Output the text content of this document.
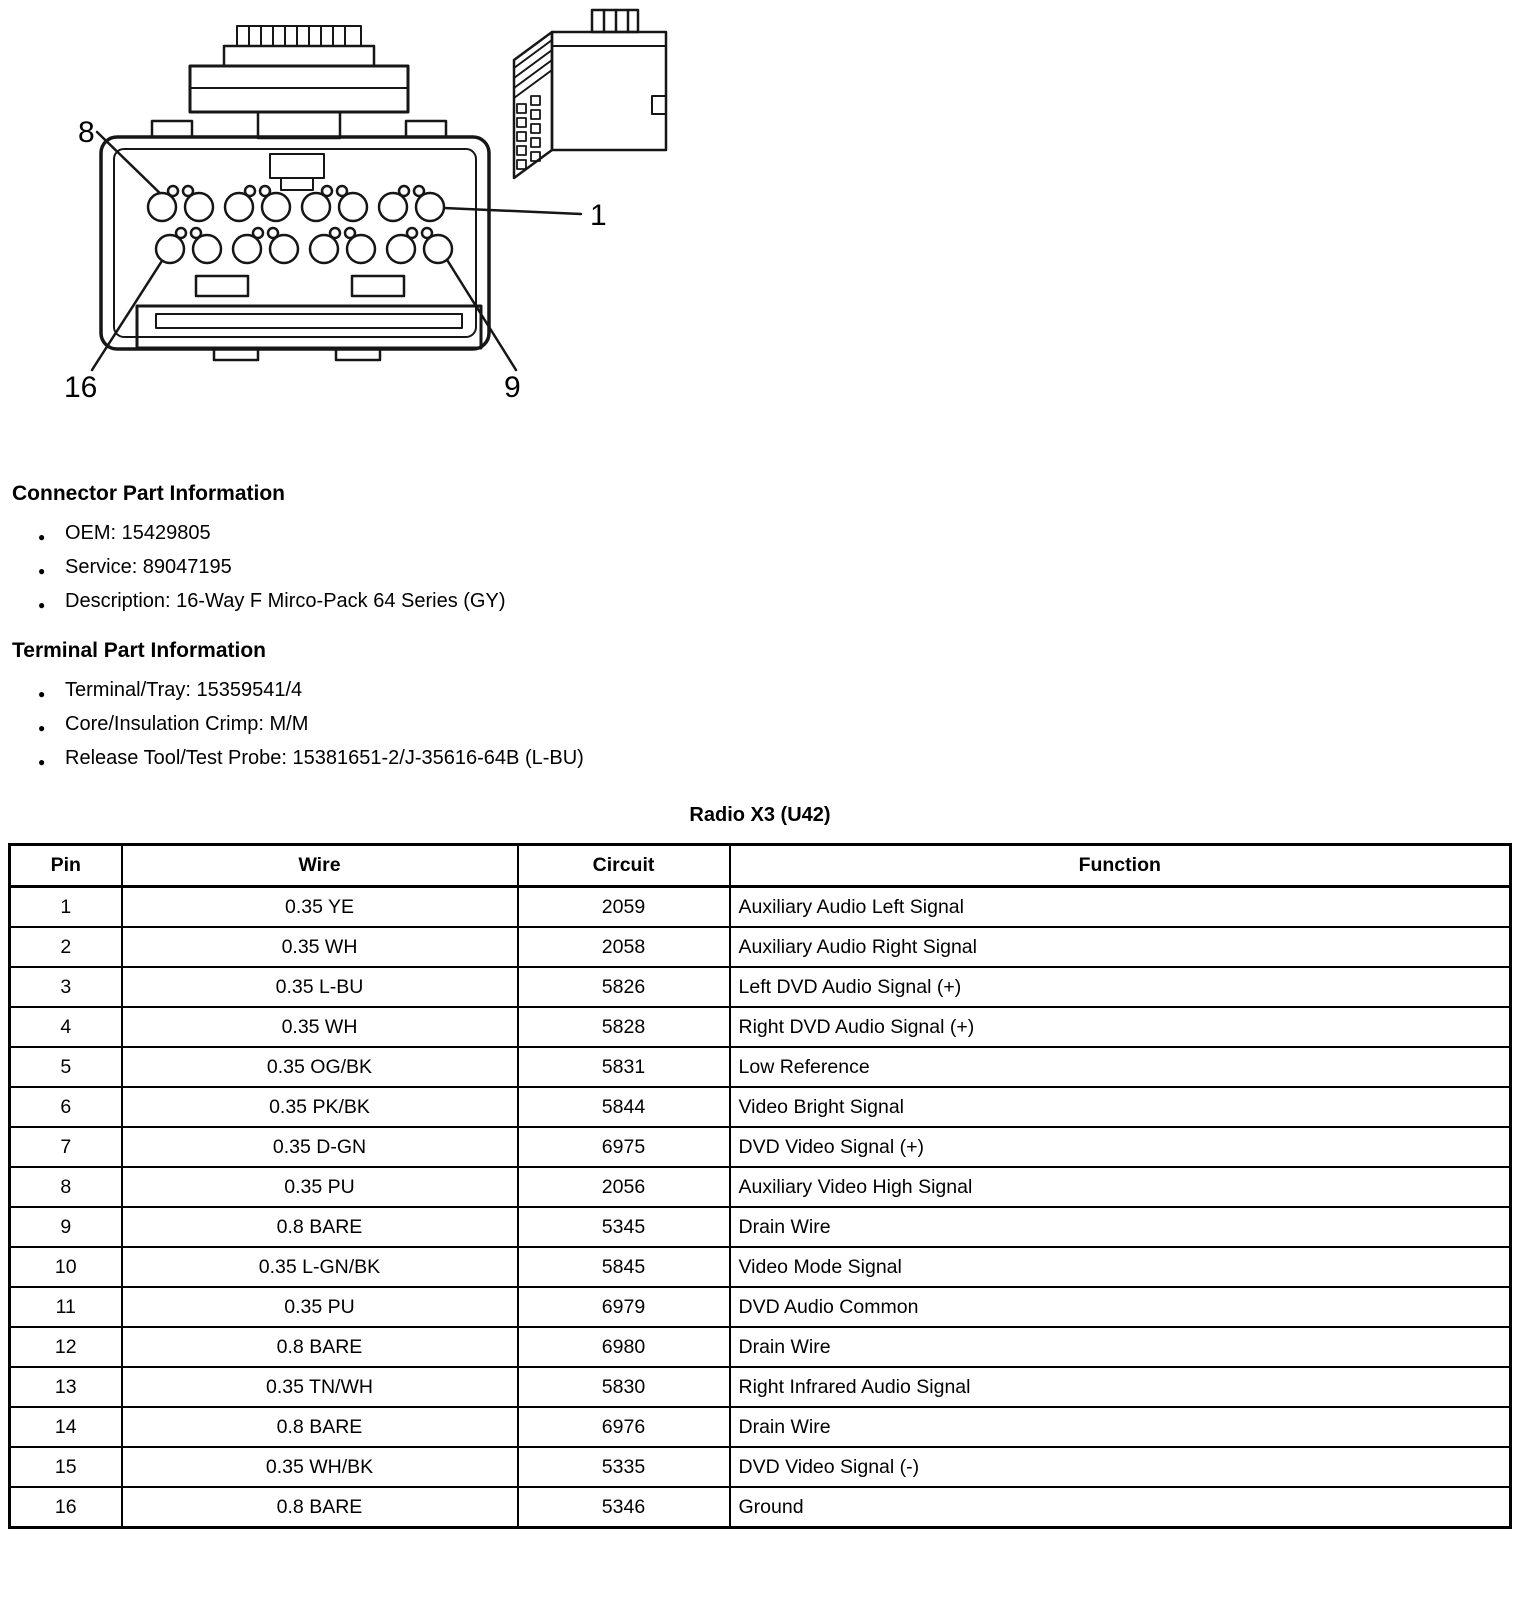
8
1
16	9
Connector Part Information
● OEM: 15429805
● Service: 89047195
● Description: 16-Way F Mirco-Pack 64 Series (GY)
Terminal Part Information
● Terminal/Tray: 15359541/4
● Core/Insulation Crimp: M/M
● Release Tool/Test Probe: 15381651-2/J-35616-64B (L-BU)
Radio X3 (U42)
Pin	Wire	Circuit	Function
1	0.35 YE	2059	Auxiliary Audio Left Signal
2	0.35 WH	2058	Auxiliary Audio Right Signal
3	0.35 L-BU	5826	Left DVD Audio Signal (+)
4	0.35 WH	5828	Right DVD Audio Signal (+)
5	0.35 OG/BK	5831	Low Reference
6	0.35 PK/BK	5844	Video Bright Signal
7	0.35 D-GN	6975	DVD Video Signal (+)
8	0.35 PU	2056	Auxiliary Video High Signal
9	0.8 BARE	5345	Drain Wire
10	0.35 L-GN/BK	5845	Video Mode Signal
11	0.35 PU	6979	DVD Audio Common
12	0.8 BARE	6980	Drain Wire
13	0.35 TN/WH	5830	Right Infrared Audio Signal
14	0.8 BARE	6976	Drain Wire
15	0.35 WH/BK	5335	DVD Video Signal (-)
16	0.8 BARE	5346	Ground
